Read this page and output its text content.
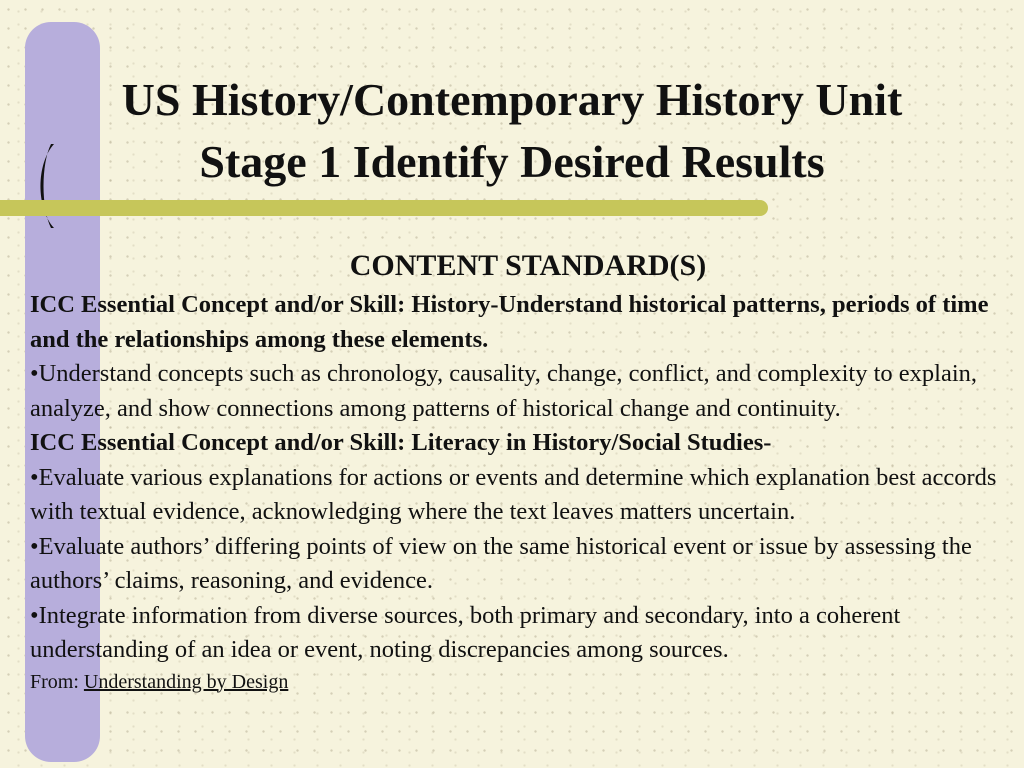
US History/Contemporary History Unit
Stage 1 Identify Desired Results
CONTENT STANDARD(S)

ICC Essential Concept and/or Skill: History-Understand historical patterns, periods of time and the relationships among these elements.

•Understand concepts such as chronology, causality, change, conflict, and complexity to explain, analyze, and show connections among patterns of historical change and continuity.

ICC Essential Concept and/or Skill: Literacy in History/Social Studies-

•Evaluate various explanations for actions or events and determine which explanation best accords with textual evidence, acknowledging where the text leaves matters uncertain.

•Evaluate authors’ differing points of view on the same historical event or issue by assessing the authors’ claims, reasoning, and evidence.

•Integrate information from diverse sources, both primary and secondary, into a coherent understanding of an idea or event, noting discrepancies among sources.

From: Understanding by Design
